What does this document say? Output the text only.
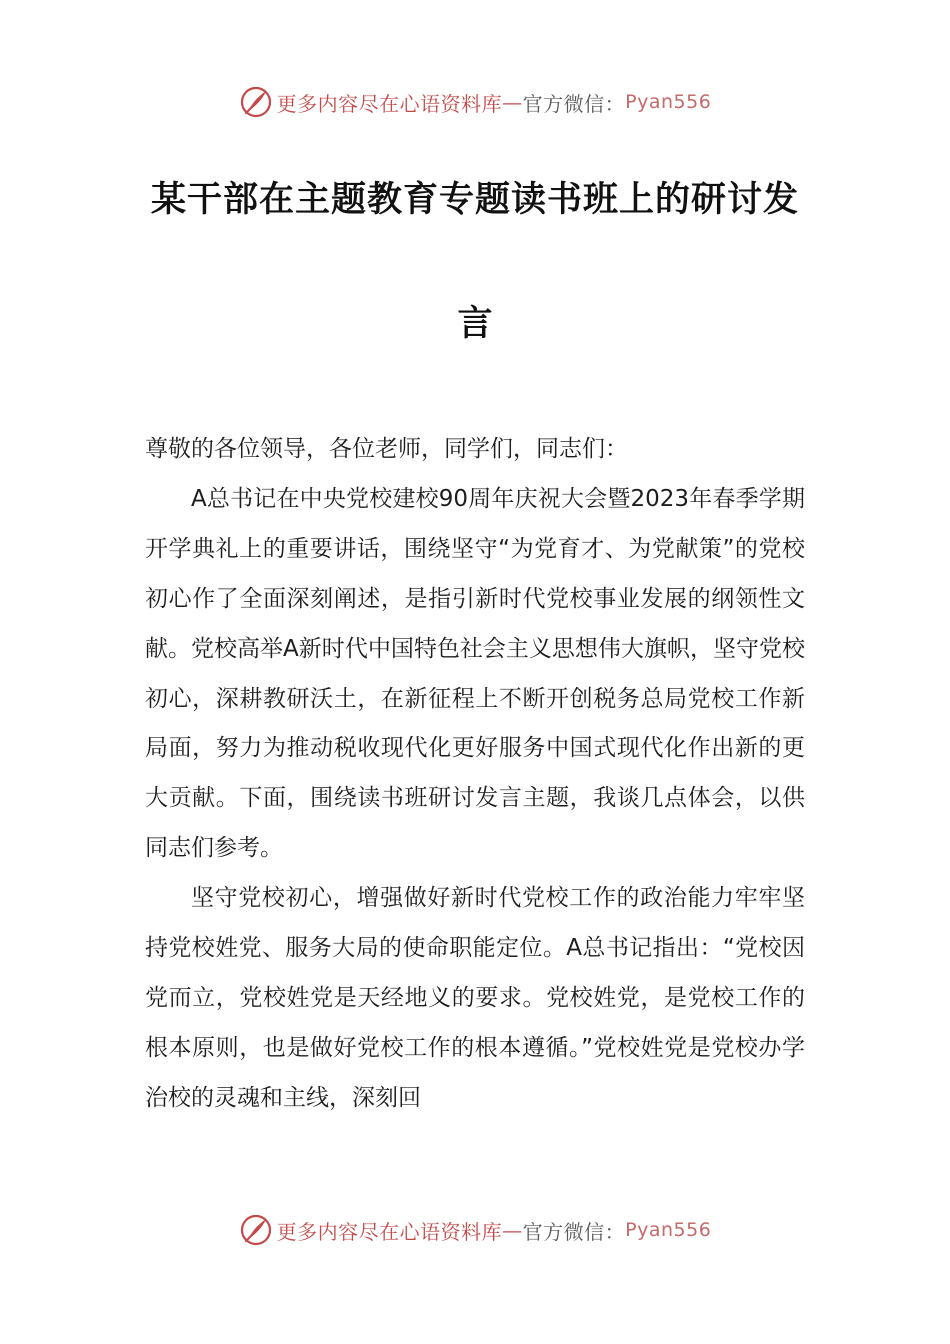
更多内容尽在心语资料库 — 官方微信： Pyan556
某干部在主题教育专题读书班上的研讨发
言

尊敬的各位领导，各位老师，同学们，同志们：

A总书记在中央党校建校90周年庆祝大会暨2023年春季学期开学典礼上的重要讲话，围绕坚守“为党育才、为党献策”的党校初心作了全面深刻阐述，是指引新时代党校事业发展的纲领性文献。党校高举A新时代中国特色社会主义思想伟大旗帜，坚守党校初心，深耕教研沃土，在新征程上不断开创税务总局党校工作新局面，努力为推动税收现代化更好服务中国式现代化作出新的更大贡献。下面，围绕读书班研讨发言主题，我谈几点体会，以供同志们参考。

坚守党校初心，增强做好新时代党校工作的政治能力牢牢坚持党校姓党、服务大局的使命职能定位。A总书记指出：“党校因党而立，党校姓党是天经地义的要求。党校姓党，是党校工作的根本原则，也是做好党校工作的根本遵循。”党校姓党是党校办学治校的灵魂和主线，深刻回

更多内容尽在心语资料库 — 官方微信： Pyan556
